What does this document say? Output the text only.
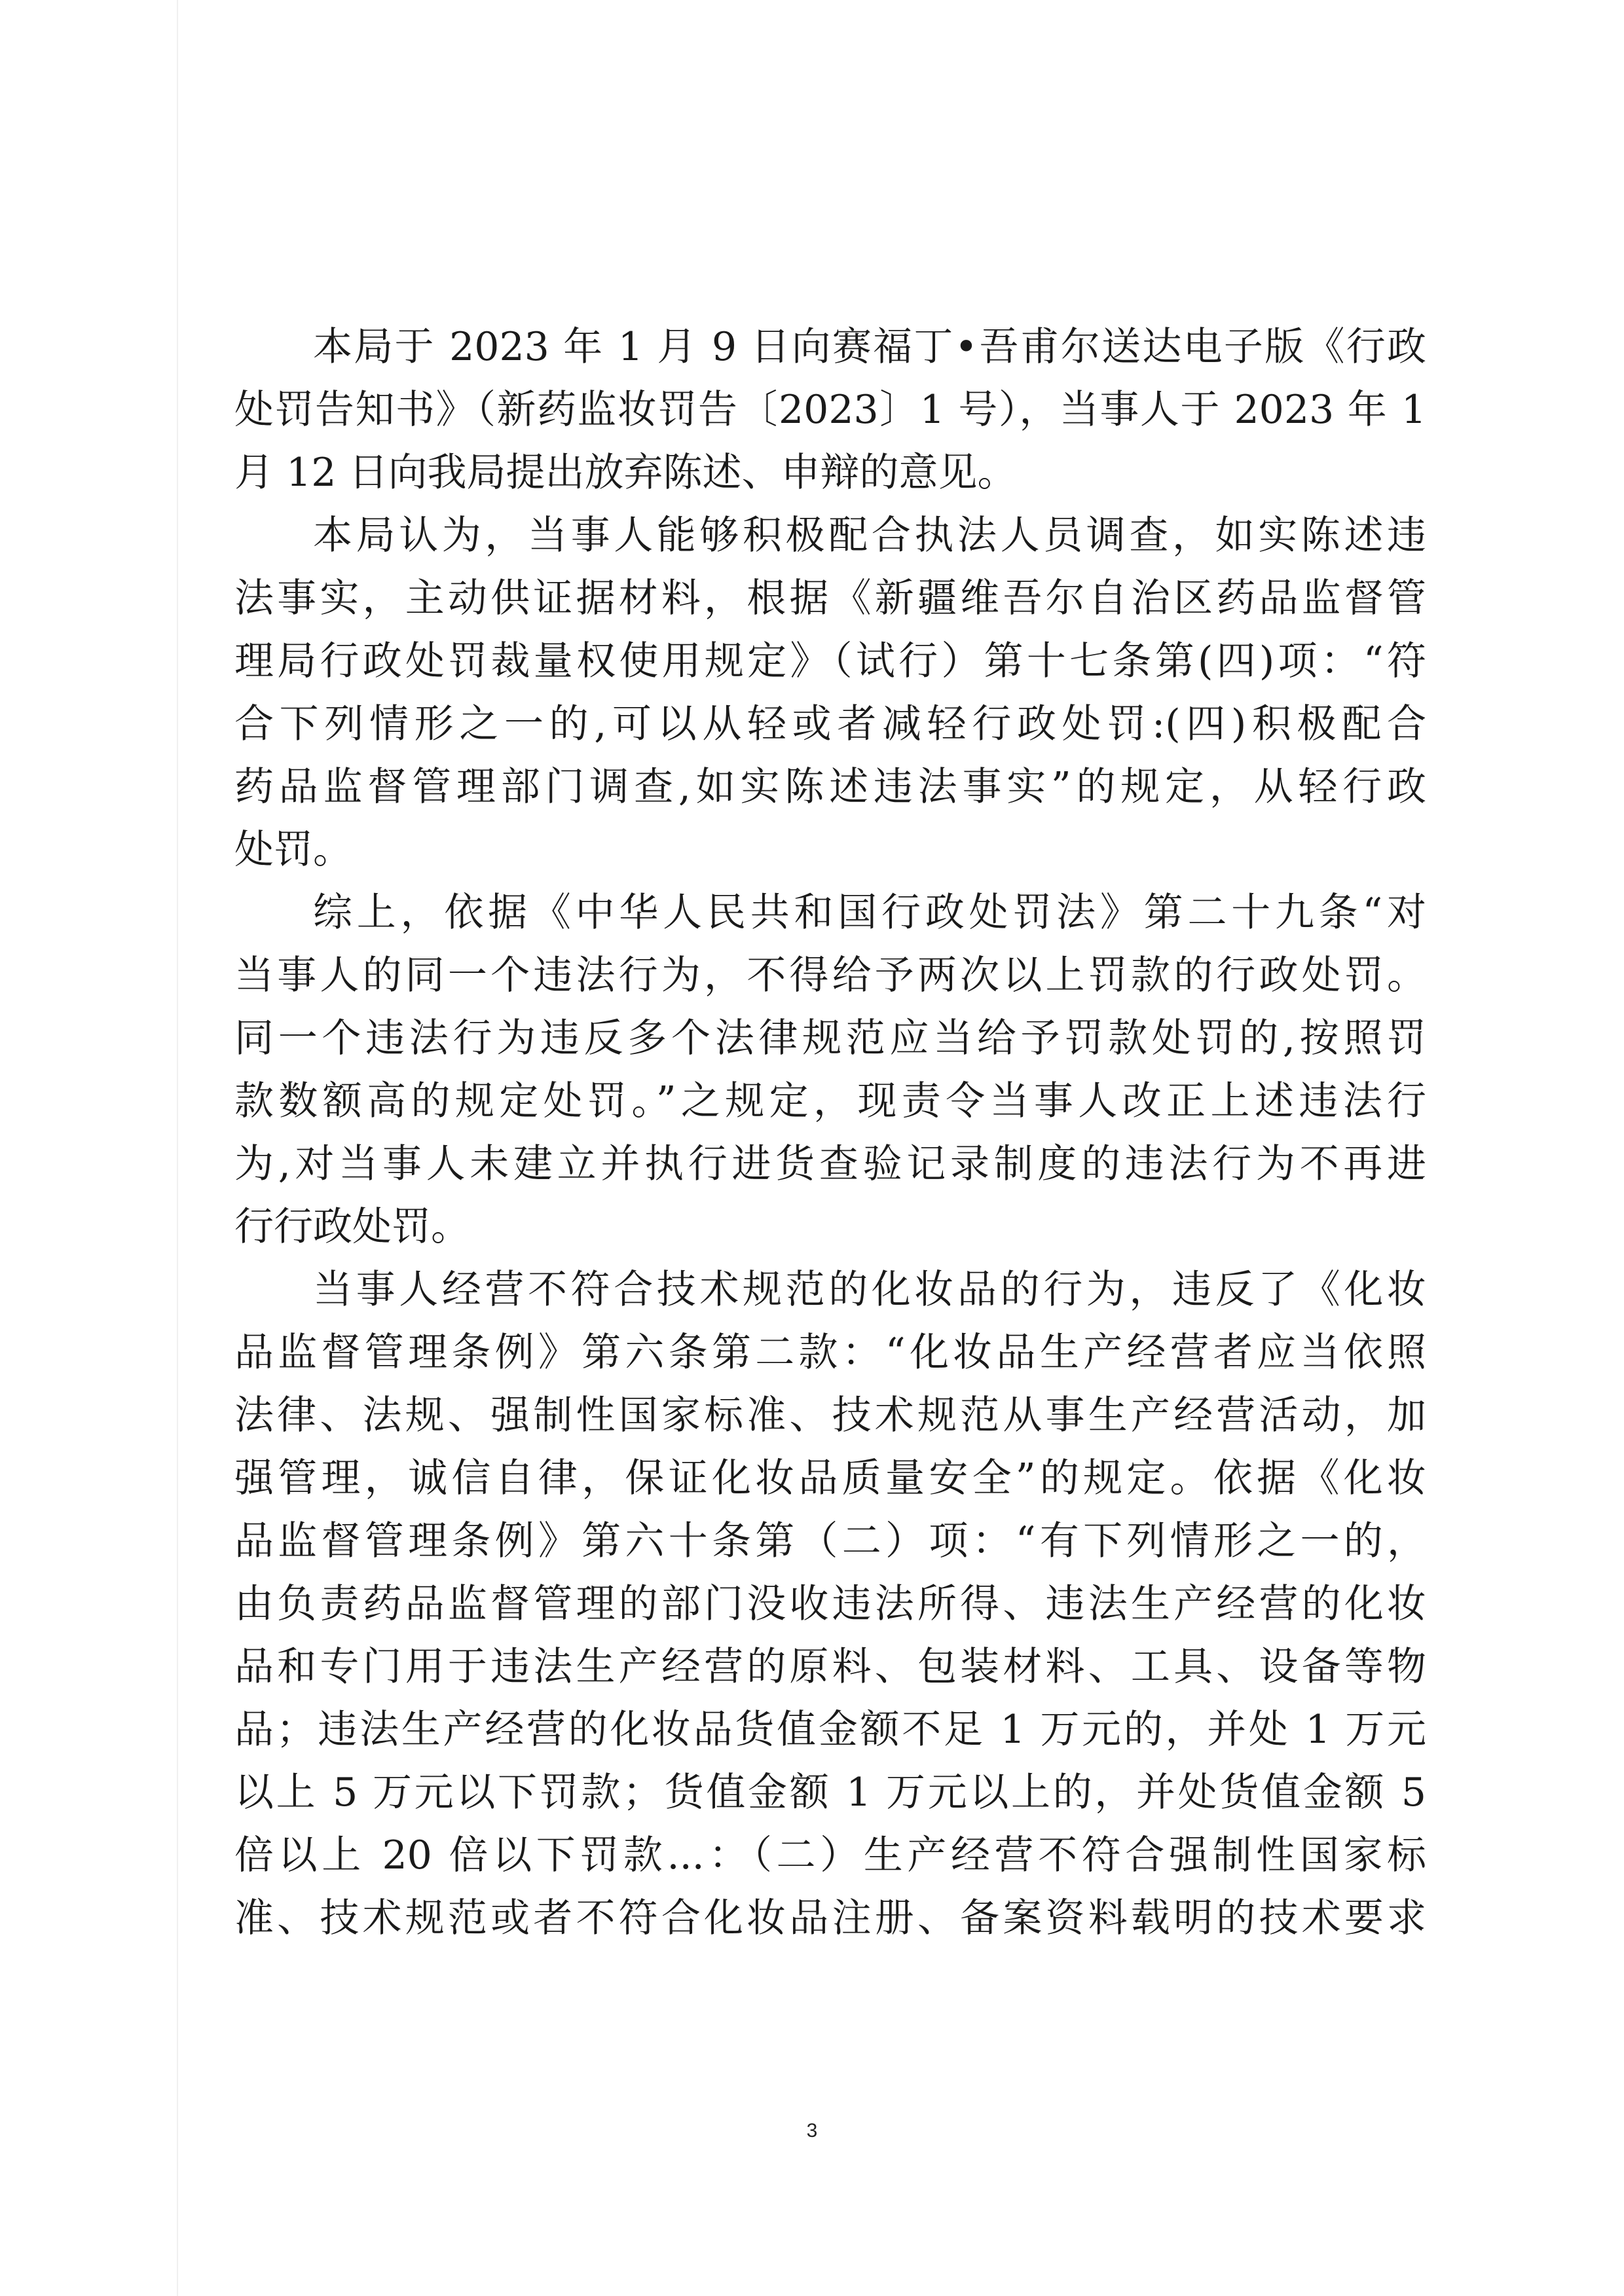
本局于 2023 年 1 月 9 日向赛福丁•吾甫尔送达电子版《行政
处罚告知书》（新药监妆罚告〔2023〕1 号），当事人于 2023 年 1
月 12 日向我局提出放弃陈述、申辩的意见。
本局认为，当事人能够积极配合执法人员调查，如实陈述违
法事实，主动供证据材料，根据《新疆维吾尔自治区药品监督管
理局行政处罚裁量权使用规定》（试行）第十七条第(四)项：“符
合下列情形之一的,可以从轻或者减轻行政处罚:(四)积极配合
药品监督管理部门调查,如实陈述违法事实”的规定，从轻行政
处罚。
综上，依据《中华人民共和国行政处罚法》第二十九条“对
当事人的同一个违法行为，不得给予两次以上罚款的行政处罚。
同一个违法行为违反多个法律规范应当给予罚款处罚的,按照罚
款数额高的规定处罚。”之规定，现责令当事人改正上述违法行
为,对当事人未建立并执行进货查验记录制度的违法行为不再进
行行政处罚。
当事人经营不符合技术规范的化妆品的行为，违反了《化妆
品监督管理条例》第六条第二款：“化妆品生产经营者应当依照
法律、法规、强制性国家标准、技术规范从事生产经营活动，加
强管理，诚信自律，保证化妆品质量安全”的规定。依据《化妆
品监督管理条例》第六十条第（二）项：“有下列情形之一的，
由负责药品监督管理的部门没收违法所得、违法生产经营的化妆
品和专门用于违法生产经营的原料、包装材料、工具、设备等物
品；违法生产经营的化妆品货值金额不足 1 万元的，并处 1 万元
以上 5 万元以下罚款；货值金额 1 万元以上的，并处货值金额 5
倍以上 20 倍以下罚款...：（二）生产经营不符合强制性国家标
准、技术规范或者不符合化妆品注册、备案资料载明的技术要求
3
